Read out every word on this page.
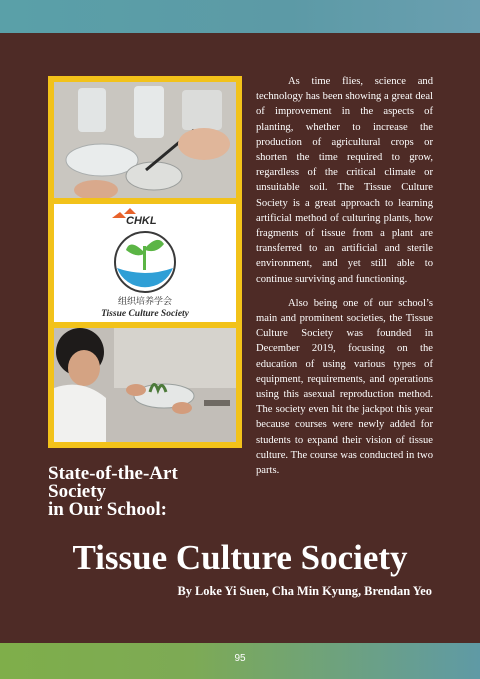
CHKL
组织培养学会
Tissue Culture Society

As time flies, science and technology has been showing a great deal of improvement in the aspects of planting, whether to increase the production of agricultural crops or shorten the time required to grow, regardless of the critical climate or unsuitable soil. The Tissue Culture Society is a great approach to learning artificial method of culturing plants, how fragments of tissue from a plant are transferred to an artificial and sterile environment, and yet still able to continue surviving and functioning.

Also being one of our school’s main and prominent societies, the Tissue Culture Society was founded in December 2019, focusing on the education of using various types of equipment, requirements, and operations using this asexual reproduction method. The society even hit the jackpot this year because courses were newly added for students to expand their vision of tissue culture. The course was conducted in two parts.

State-of-the-Art
Society
in Our School:
Tissue Culture Society
By Loke Yi Suen, Cha Min Kyung, Brendan Yeo
95
